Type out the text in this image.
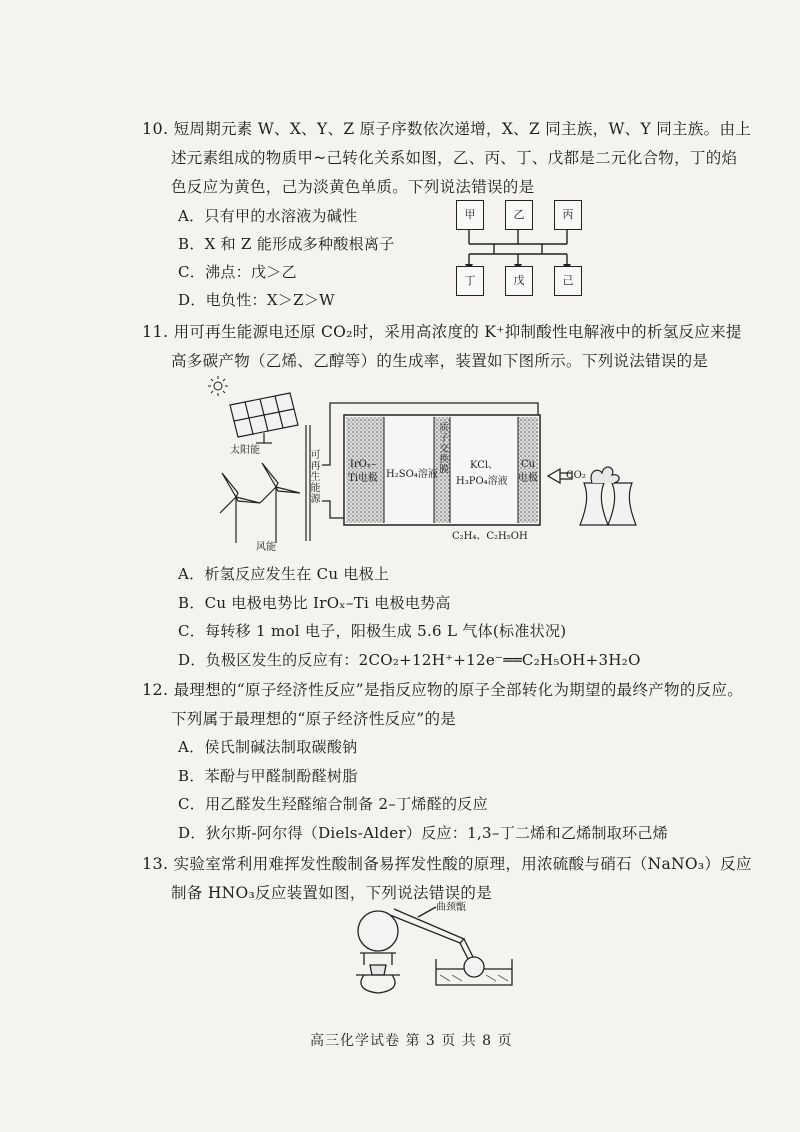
10. 短周期元素 W、X、Y、Z 原子序数依次递增，X、Z 同主族，W、Y 同主族。由上
述元素组成的物质甲~己转化关系如图，乙、丙、丁、戊都是二元化合物，丁的焰
色反应为黄色，己为淡黄色单质。下列说法错误的是
A．只有甲的水溶液为碱性
B．X 和 Z 能形成多种酸根离子
C．沸点：戊＞乙
D．电负性：X＞Z＞W
甲	乙	丙
丁	戊	己
11. 用可再生能源电还原 CO₂时，采用高浓度的 K⁺抑制酸性电解液中的析氢反应来提
高多碳产物（乙烯、乙醇等）的生成率，装置如下图所示。下列说法错误的是
太阳能
风能
可再生能源	IrOₓ–Ti电极 H₂SO₄溶液 质子交换膜 KCl、
H₃PO₄溶液
Cu电极	CO₂
C₂H₄、C₂H₅OH
A．析氢反应发生在 Cu 电极上
B．Cu 电极电势比 IrOₓ–Ti 电极电势高
C．每转移 1 mol 电子，阳极生成 5.6 L 气体(标准状况)
D．负极区发生的反应有：2CO₂+12H⁺+12e⁻══C₂H₅OH+3H₂O
12. 最理想的“原子经济性反应”是指反应物的原子全部转化为期望的最终产物的反应。
下列属于最理想的“原子经济性反应”的是
A．侯氏制碱法制取碳酸钠
B．苯酚与甲醛制酚醛树脂
C．用乙醛发生羟醛缩合制备 2–丁烯醛的反应
D．狄尔斯-阿尔得（Diels-Alder）反应：1,3–丁二烯和乙烯制取环己烯
13. 实验室常利用难挥发性酸制备易挥发性酸的原理，用浓硫酸与硝石（NaNO₃）反应
制备 HNO₃反应装置如图，下列说法错误的是
曲颈甑
高三化学试卷 第 3 页 共 8 页
